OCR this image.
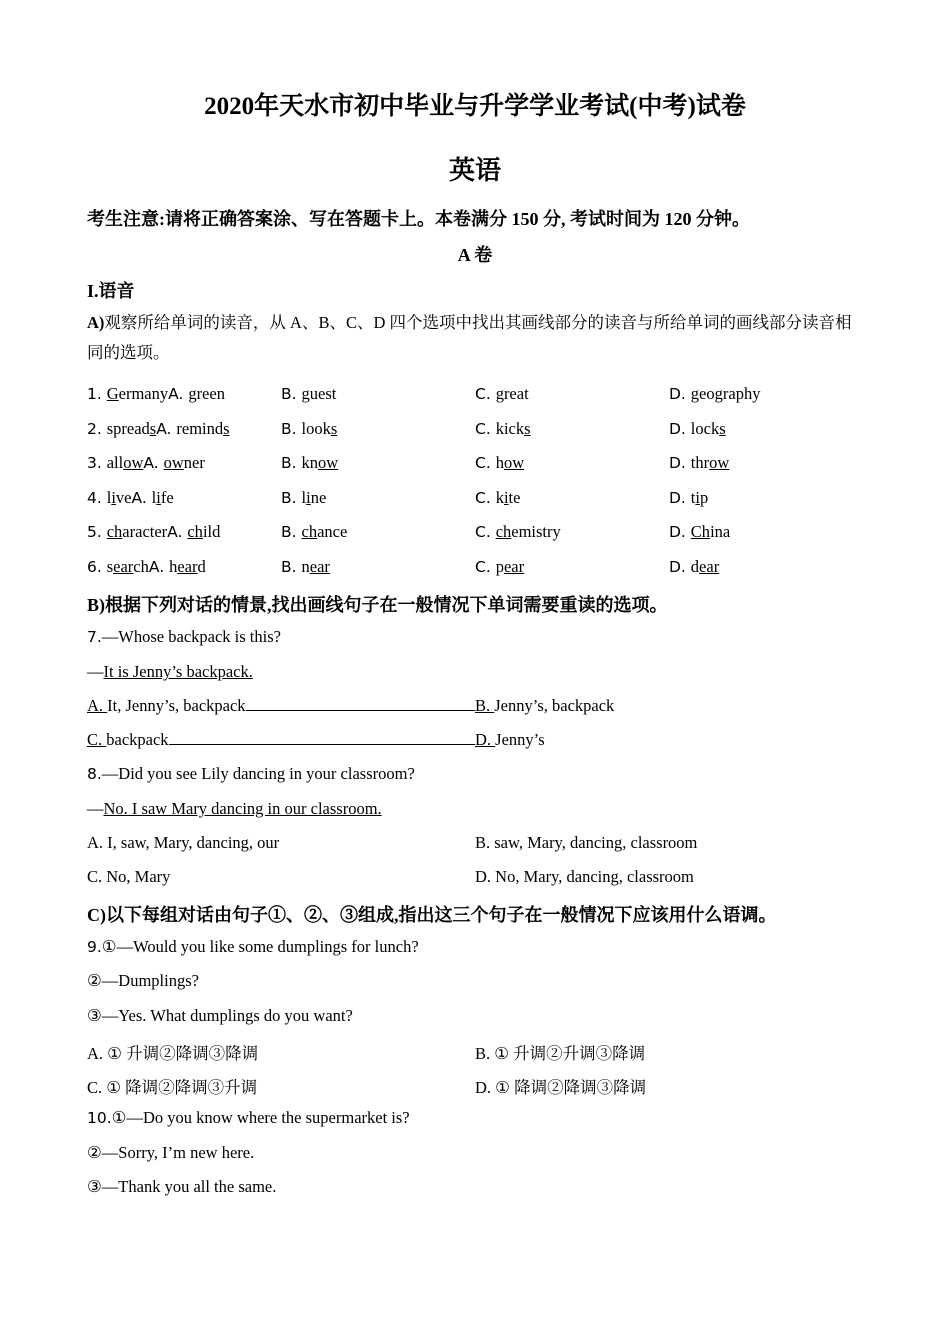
2020年天水市初中毕业与升学学业考试(中考)试卷
英语
考生注意:请将正确答案涂、写在答题卡上。本卷满分 150 分, 考试时间为 120 分钟。
A 卷
I.语音
A)观察所给单词的读音，从 A、B、C、D 四个选项中找出其画线部分的读音与所给单词的画线部分读音相同的选项。
1. GermanyA. green	B. guest	C. great	D. geography
2. spreadsA. reminds	B. looks	C. kicks	D. locks
3. allowA. owner	B. know	C. how	D. throw
4. liveA. life	B. line	C. kite	D. tip
5. characterA. child	B. chance	C. chemistry	D. China
6. searchA. heard	B. near	C. pear	D. dear
B)根据下列对话的情景,找出画线句子在一般情况下单词需要重读的选项。
7.—Whose backpack is this?
—It is Jenny’s backpack.
A. It, Jenny’s, backpack	B. Jenny’s, backpack
C. backpack	D. Jenny’s
8.—Did you see Lily dancing in your classroom?
—No. I saw Mary dancing in our classroom.
A. I, saw, Mary, dancing, our	B. saw, Mary, dancing, classroom
C. No, Mary	D. No, Mary, dancing, classroom
C)以下每组对话由句子①、②、③组成,指出这三个句子在一般情况下应该用什么语调。
9.①—Would you like some dumplings for lunch?
②—Dumplings?
③—Yes. What dumplings do you want?
A. ① 升调②降调③降调	B. ① 升调②升调③降调
C. ① 降调②降调③升调	D. ① 降调②降调③降调
10.①—Do you know where the supermarket is?
②—Sorry, I’m new here.
③—Thank you all the same.
